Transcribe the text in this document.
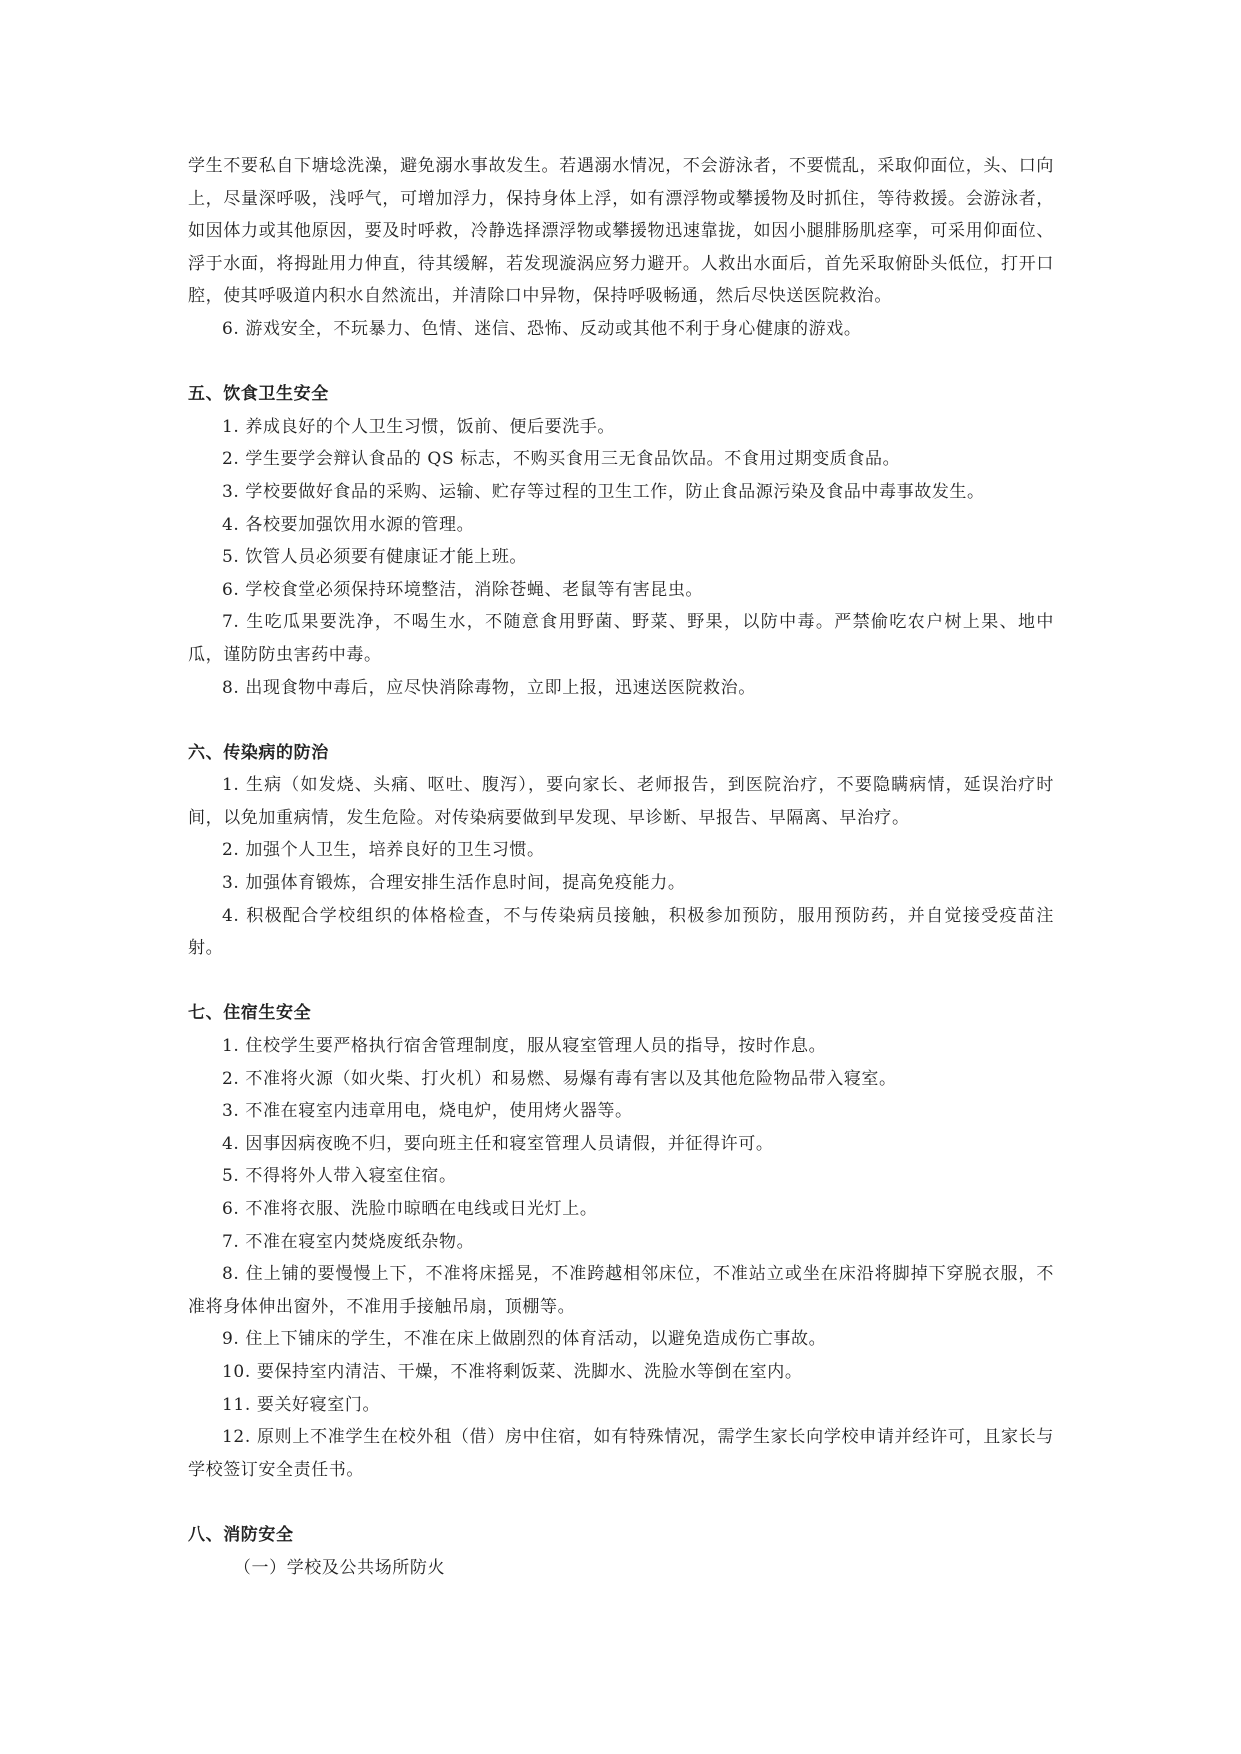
学生不要私自下塘埝洗澡，避免溺水事故发生。若遇溺水情况，不会游泳者，不要慌乱，采取仰面位，头、口向上，尽量深呼吸，浅呼气，可增加浮力，保持身体上浮，如有漂浮物或攀援物及时抓住，等待救援。会游泳者，如因体力或其他原因，要及时呼救，冷静选择漂浮物或攀援物迅速靠拢，如因小腿腓肠肌痉挛，可采用仰面位、浮于水面，将拇趾用力伸直，待其缓解，若发现漩涡应努力避开。人救出水面后，首先采取俯卧头低位，打开口腔，使其呼吸道内积水自然流出，并清除口中异物，保持呼吸畅通，然后尽快送医院救治。

6. 游戏安全，不玩暴力、色情、迷信、恐怖、反动或其他不利于身心健康的游戏。

五、饮食卫生安全

1. 养成良好的个人卫生习惯，饭前、便后要洗手。

2. 学生要学会辩认食品的 QS 标志，不购买食用三无食品饮品。不食用过期变质食品。

3. 学校要做好食品的采购、运输、贮存等过程的卫生工作，防止食品源污染及食品中毒事故发生。

4. 各校要加强饮用水源的管理。

5. 饮管人员必须要有健康证才能上班。

6. 学校食堂必须保持环境整洁，消除苍蝇、老鼠等有害昆虫。

7. 生吃瓜果要洗净，不喝生水，不随意食用野菌、野菜、野果，以防中毒。严禁偷吃农户树上果、地中瓜，谨防防虫害药中毒。

8. 出现食物中毒后，应尽快消除毒物，立即上报，迅速送医院救治。

六、传染病的防治

1. 生病（如发烧、头痛、呕吐、腹泻），要向家长、老师报告，到医院治疗，不要隐瞒病情，延误治疗时间，以免加重病情，发生危险。对传染病要做到早发现、早诊断、早报告、早隔离、早治疗。

2. 加强个人卫生，培养良好的卫生习惯。

3. 加强体育锻炼，合理安排生活作息时间，提高免疫能力。

4. 积极配合学校组织的体格检查，不与传染病员接触，积极参加预防，服用预防药，并自觉接受疫苗注射。

七、住宿生安全

1. 住校学生要严格执行宿舍管理制度，服从寝室管理人员的指导，按时作息。

2. 不准将火源（如火柴、打火机）和易燃、易爆有毒有害以及其他危险物品带入寝室。

3. 不准在寝室内违章用电，烧电炉，使用烤火器等。

4. 因事因病夜晚不归，要向班主任和寝室管理人员请假，并征得许可。

5. 不得将外人带入寝室住宿。

6. 不准将衣服、洗脸巾晾晒在电线或日光灯上。

7. 不准在寝室内焚烧废纸杂物。

8. 住上铺的要慢慢上下，不准将床摇晃，不准跨越相邻床位，不准站立或坐在床沿将脚掉下穿脱衣服，不准将身体伸出窗外，不准用手接触吊扇，顶棚等。

9. 住上下铺床的学生，不准在床上做剧烈的体育活动，以避免造成伤亡事故。

10. 要保持室内清洁、干燥，不准将剩饭菜、洗脚水、洗脸水等倒在室内。

11. 要关好寝室门。

12. 原则上不准学生在校外租（借）房中住宿，如有特殊情况，需学生家长向学校申请并经许可，且家长与学校签订安全责任书。

八、消防安全

（一）学校及公共场所防火
